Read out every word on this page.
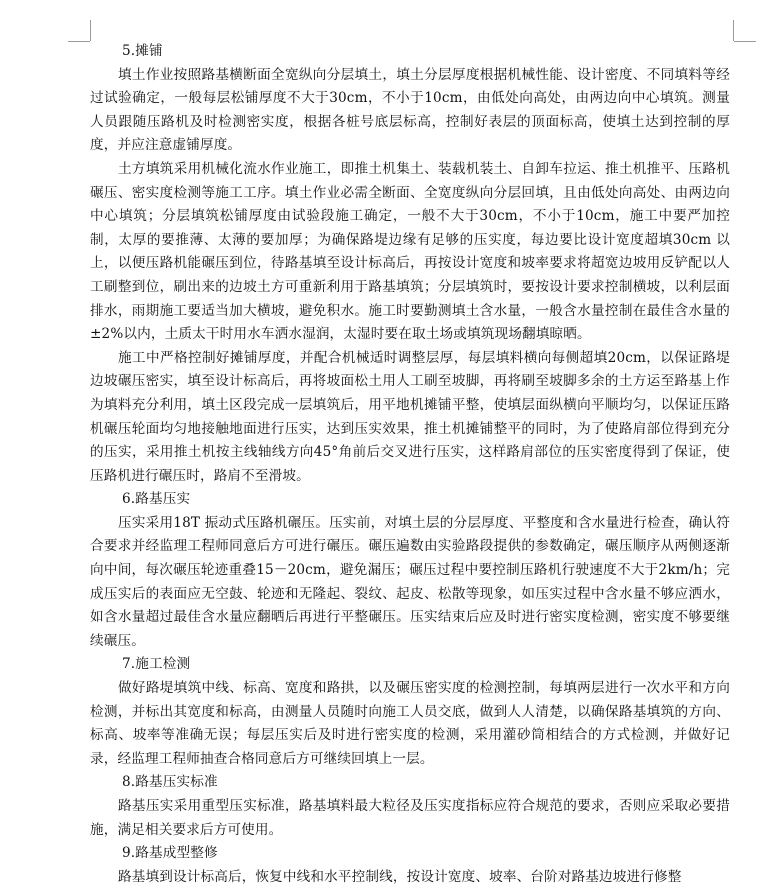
5.摊铺

填土作业按照路基横断面全宽纵向分层填土，填土分层厚度根据机械性能、设计密度、不同填料等经过试验确定，一般每层松铺厚度不大于30cm，不小于10cm，由低处向高处，由两边向中心填筑。测量人员跟随压路机及时检测密实度，根据各桩号底层标高，控制好表层的顶面标高，使填土达到控制的厚度，并应注意虚铺厚度。

土方填筑采用机械化流水作业施工，即推土机集土、装载机装土、自卸车拉运、推土机推平、压路机碾压、密实度检测等施工工序。填土作业必需全断面、全宽度纵向分层回填，且由低处向高处、由两边向中心填筑；分层填筑松铺厚度由试验段施工确定，一般不大于30cm，不小于10cm，施工中要严加控制，太厚的要推薄、太薄的要加厚；为确保路堤边缘有足够的压实度，每边要比设计宽度超填30cm 以上，以便压路机能碾压到位，待路基填至设计标高后，再按设计宽度和坡率要求将超宽边坡用反铲配以人工刷整到位，刷出来的边坡土方可重新利用于路基填筑；分层填筑时，要按设计要求控制横坡，以利层面排水，雨期施工要适当加大横坡，避免积水。施工时要勤测填土含水量，一般含水量控制在最佳含水量的±2%以内，土质太干时用水车洒水湿润，太湿时要在取土场或填筑现场翻填晾晒。

施工中严格控制好摊铺厚度，并配合机械适时调整层厚，每层填料横向每侧超填20cm，以保证路堤边坡碾压密实，填至设计标高后，再将坡面松土用人工刷至坡脚，再将刷至坡脚多余的土方运至路基上作为填料充分利用，填土区段完成一层填筑后，用平地机摊铺平整，使填层面纵横向平顺均匀，以保证压路机碾压轮面均匀地接触地面进行压实，达到压实效果，推土机摊铺整平的同时，为了使路肩部位得到充分的压实，采用推土机按主线轴线方向45°角前后交叉进行压实，这样路肩部位的压实密度得到了保证，使压路机进行碾压时，路肩不至滑坡。

6.路基压实

压实采用18T 振动式压路机碾压。压实前，对填土层的分层厚度、平整度和含水量进行检查，确认符合要求并经监理工程师同意后方可进行碾压。碾压遍数由实验路段提供的参数确定，碾压顺序从两侧逐渐向中间，每次碾压轮迹重叠15－20cm，避免漏压；碾压过程中要控制压路机行驶速度不大于2km/h；完成压实后的表面应无空鼓、轮迹和无隆起、裂纹、起皮、松散等现象，如压实过程中含水量不够应洒水，如含水量超过最佳含水量应翻晒后再进行平整碾压。压实结束后应及时进行密实度检测，密实度不够要继续碾压。

7.施工检测

做好路堤填筑中线、标高、宽度和路拱，以及碾压密实度的检测控制，每填两层进行一次水平和方向检测，并标出其宽度和标高，由测量人员随时向施工人员交底，做到人人清楚，以确保路基填筑的方向、标高、坡率等准确无误；每层压实后及时进行密实度的检测，采用灌砂筒相结合的方式检测，并做好记录，经监理工程师抽查合格同意后方可继续回填上一层。

8.路基压实标准

路基压实采用重型压实标准，路基填料最大粒径及压实度指标应符合规范的要求，否则应采取必要措施，满足相关要求后方可使用。

9.路基成型整修

路基填到设计标高后，恢复中线和水平控制线，按设计宽度、坡率、台阶对路基边坡进行修整
